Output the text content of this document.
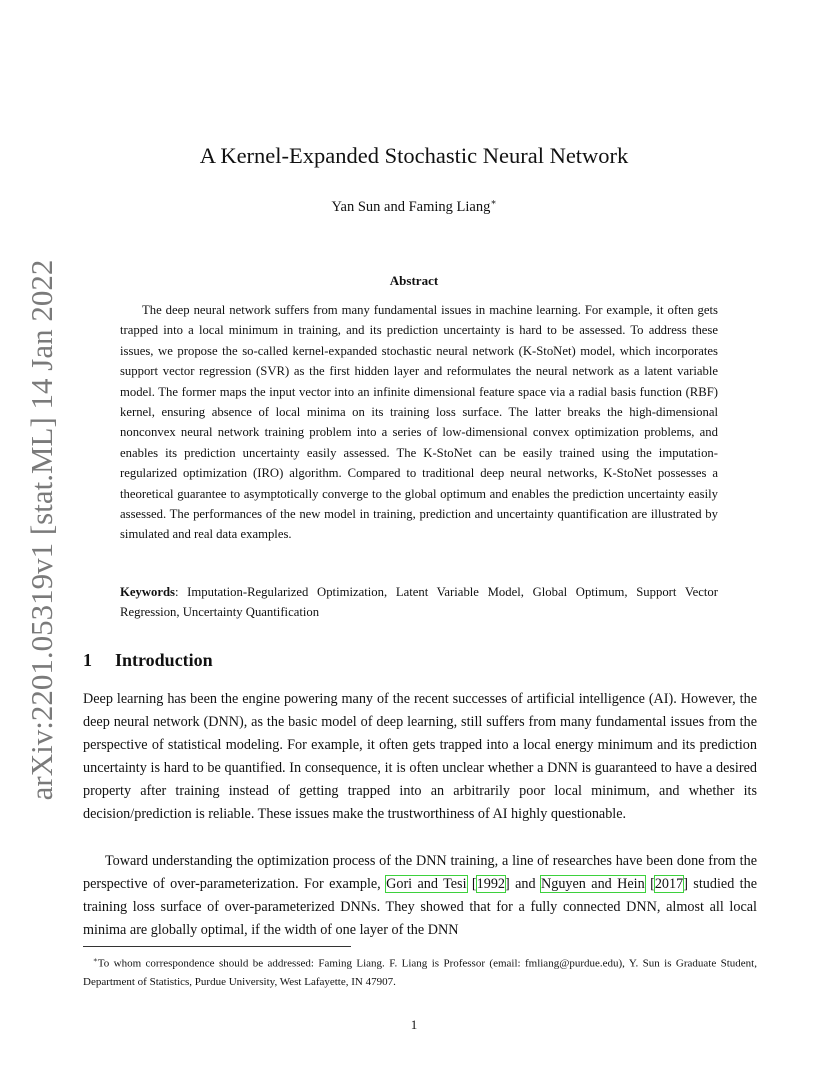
arXiv:2201.05319v1 [stat.ML] 14 Jan 2022
A Kernel-Expanded Stochastic Neural Network
Yan Sun and Faming Liang∗
Abstract

The deep neural network suffers from many fundamental issues in machine learning. For example, it often gets trapped into a local minimum in training, and its prediction uncertainty is hard to be assessed. To address these issues, we propose the so-called kernel-expanded stochastic neural network (K-StoNet) model, which incorporates support vector regression (SVR) as the first hidden layer and reformulates the neural network as a latent variable model. The former maps the input vector into an infinite dimensional feature space via a radial basis function (RBF) kernel, ensuring absence of local minima on its training loss surface. The latter breaks the high-dimensional nonconvex neural network training problem into a series of low-dimensional convex optimization problems, and enables its prediction uncertainty easily assessed. The K-StoNet can be easily trained using the imputation-regularized optimization (IRO) algorithm. Compared to traditional deep neural networks, K-StoNet possesses a theoretical guarantee to asymptotically converge to the global optimum and enables the prediction uncertainty easily assessed. The performances of the new model in training, prediction and uncertainty quantification are illustrated by simulated and real data examples.

Keywords: Imputation-Regularized Optimization, Latent Variable Model, Global Optimum, Support Vector Regression, Uncertainty Quantification

1 Introduction

Deep learning has been the engine powering many of the recent successes of artificial intelligence (AI). However, the deep neural network (DNN), as the basic model of deep learning, still suffers from many fundamental issues from the perspective of statistical modeling. For example, it often gets trapped into a local energy minimum and its prediction uncertainty is hard to be quantified. In consequence, it is often unclear whether a DNN is guaranteed to have a desired property after training instead of getting trapped into an arbitrarily poor local minimum, and whether its decision/prediction is reliable. These issues make the trustworthiness of AI highly questionable.

Toward understanding the optimization process of the DNN training, a line of researches have been done from the perspective of over-parameterization. For example, Gori and Tesi [1992] and Nguyen and Hein [2017] studied the training loss surface of over-parameterized DNNs. They showed that for a fully connected DNN, almost all local minima are globally optimal, if the width of one layer of the DNN

∗To whom correspondence should be addressed: Faming Liang. F. Liang is Professor (email: fmliang@purdue.edu), Y. Sun is Graduate Student, Department of Statistics, Purdue University, West Lafayette, IN 47907.

1
